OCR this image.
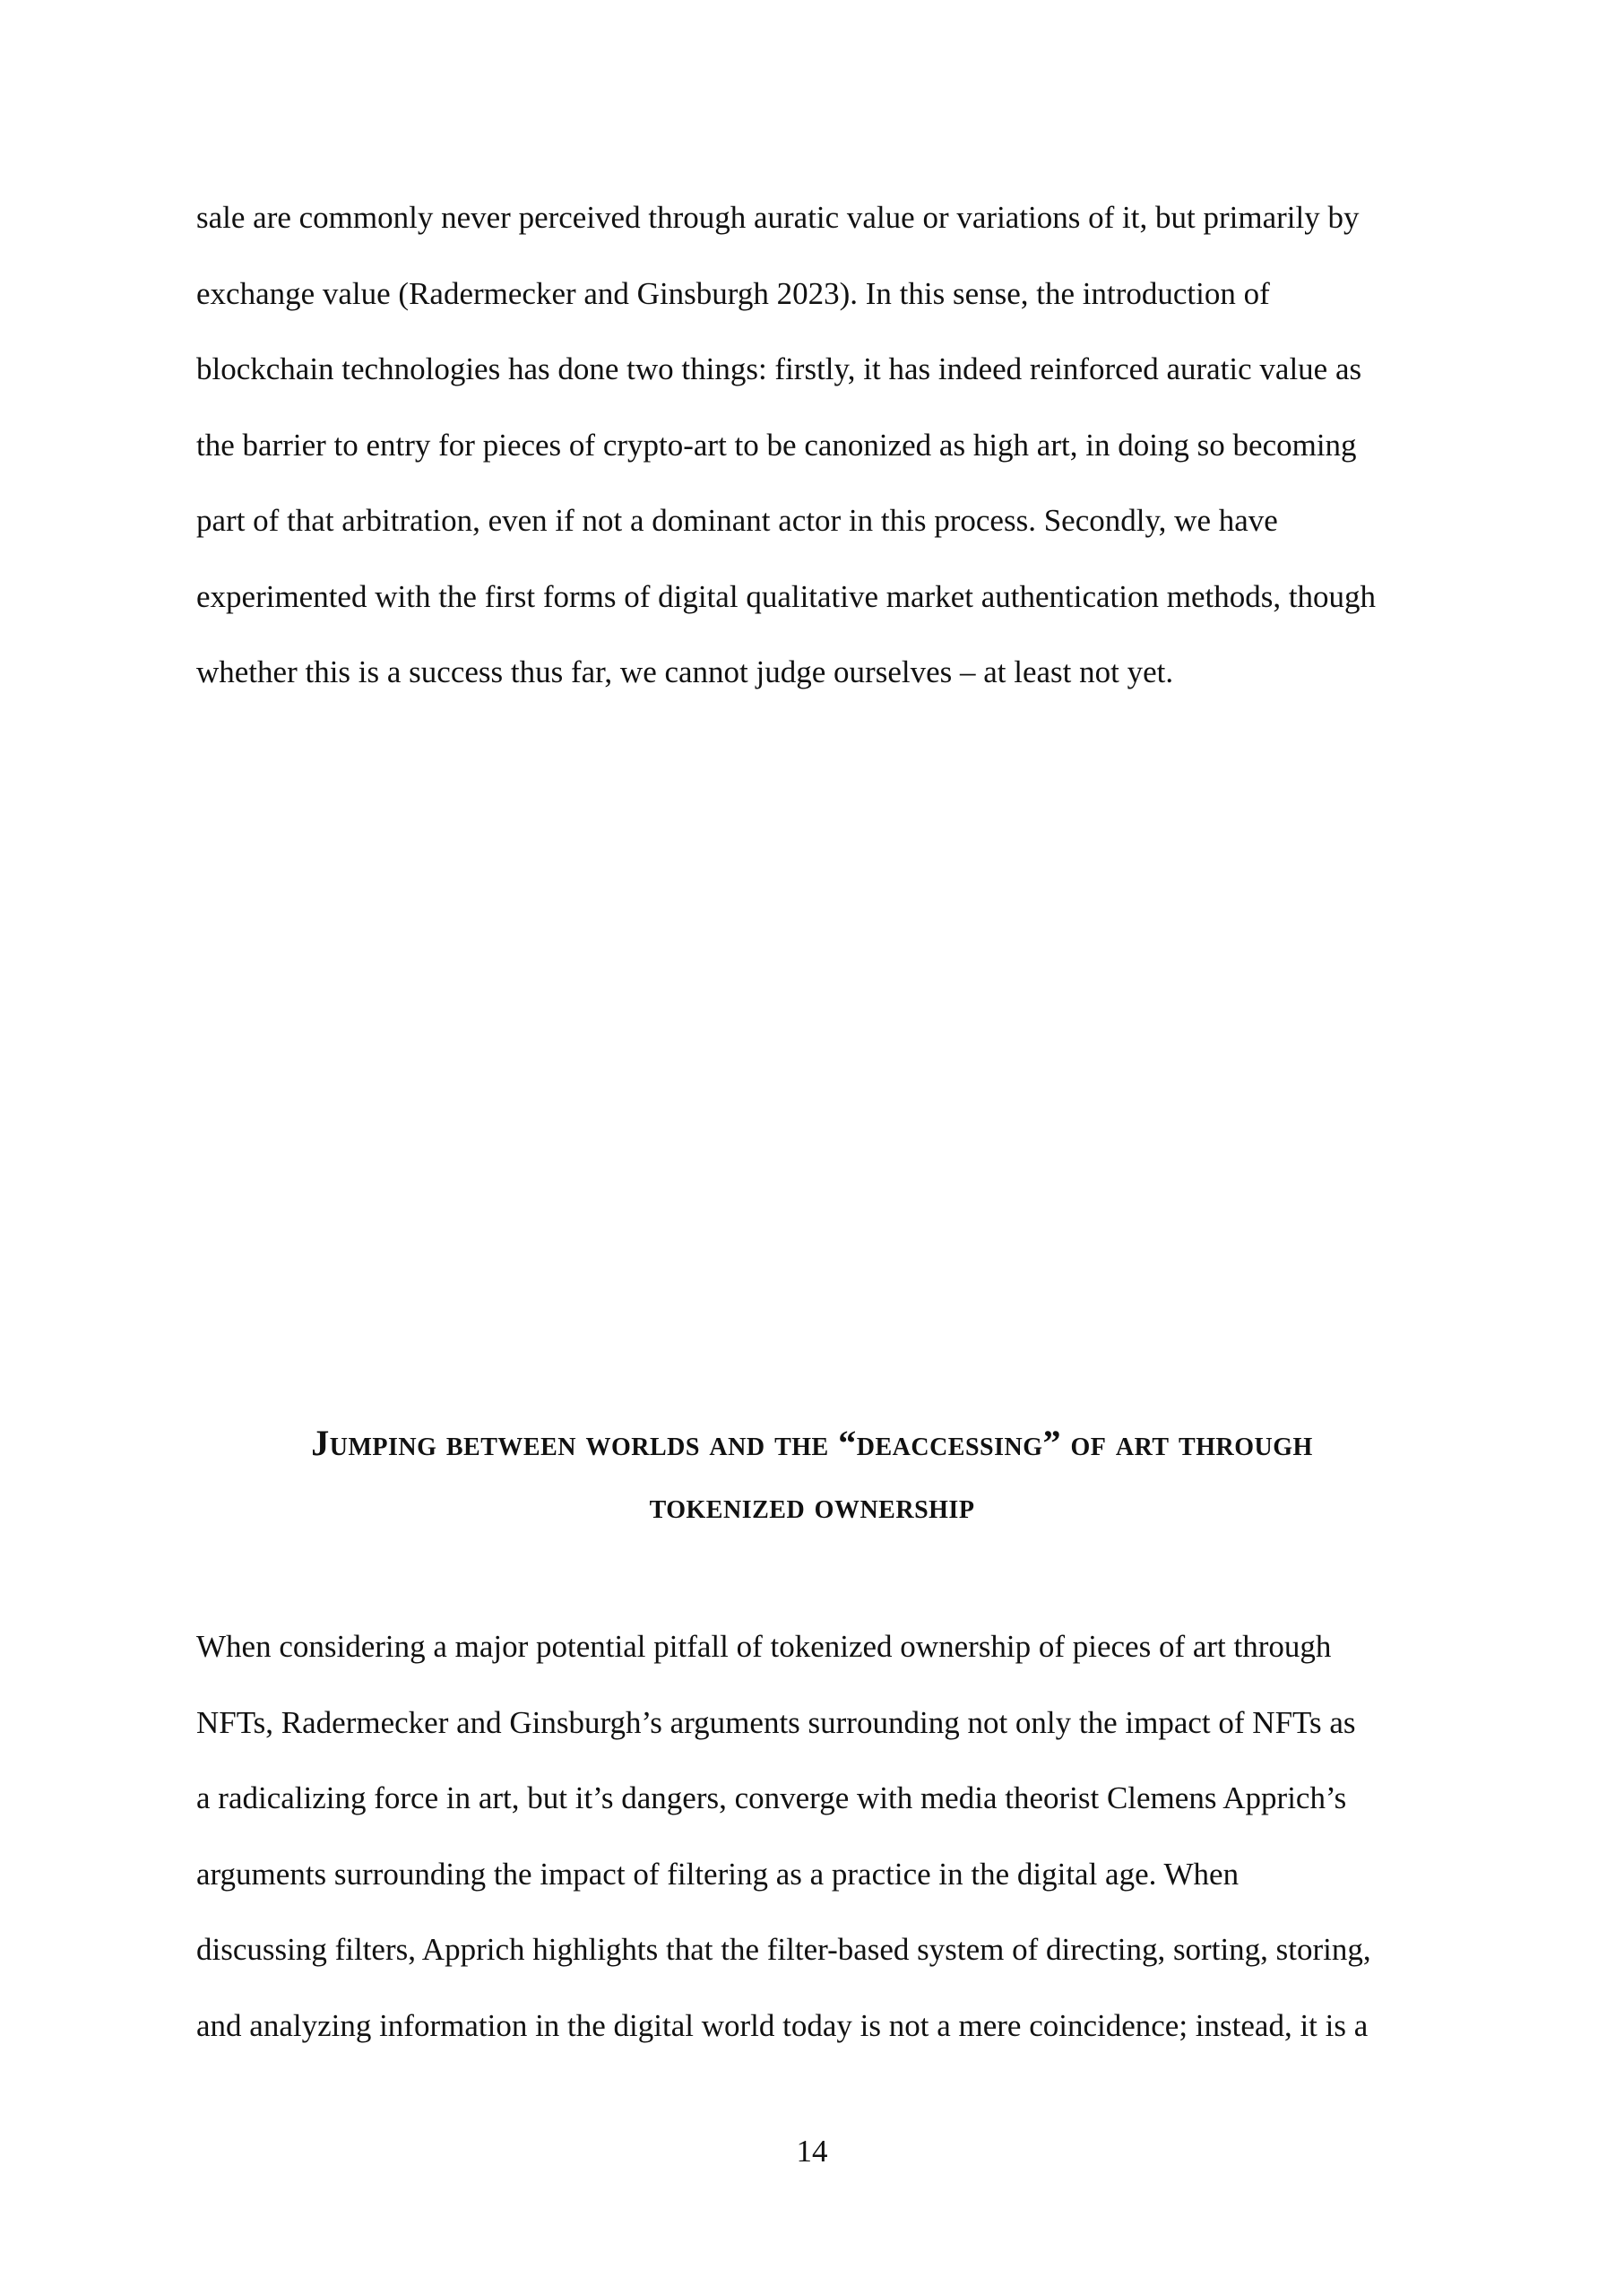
sale are commonly never perceived through auratic value or variations of it, but primarily by
exchange value (Radermecker and Ginsburgh 2023). In this sense, the introduction of
blockchain technologies has done two things: firstly, it has indeed reinforced auratic value as
the barrier to entry for pieces of crypto-art to be canonized as high art, in doing so becoming
part of that arbitration, even if not a dominant actor in this process. Secondly, we have
experimented with the first forms of digital qualitative market authentication methods, though
whether this is a success thus far, we cannot judge ourselves – at least not yet.
Jumping between worlds and the “deaccessing” of art through
tokenized ownership
When considering a major potential pitfall of tokenized ownership of pieces of art through
NFTs, Radermecker and Ginsburgh’s arguments surrounding not only the impact of NFTs as
a radicalizing force in art, but it’s dangers, converge with media theorist Clemens Apprich’s
arguments surrounding the impact of filtering as a practice in the digital age. When
discussing filters, Apprich highlights that the filter-based system of directing, sorting, storing,
and analyzing information in the digital world today is not a mere coincidence; instead, it is a
14
